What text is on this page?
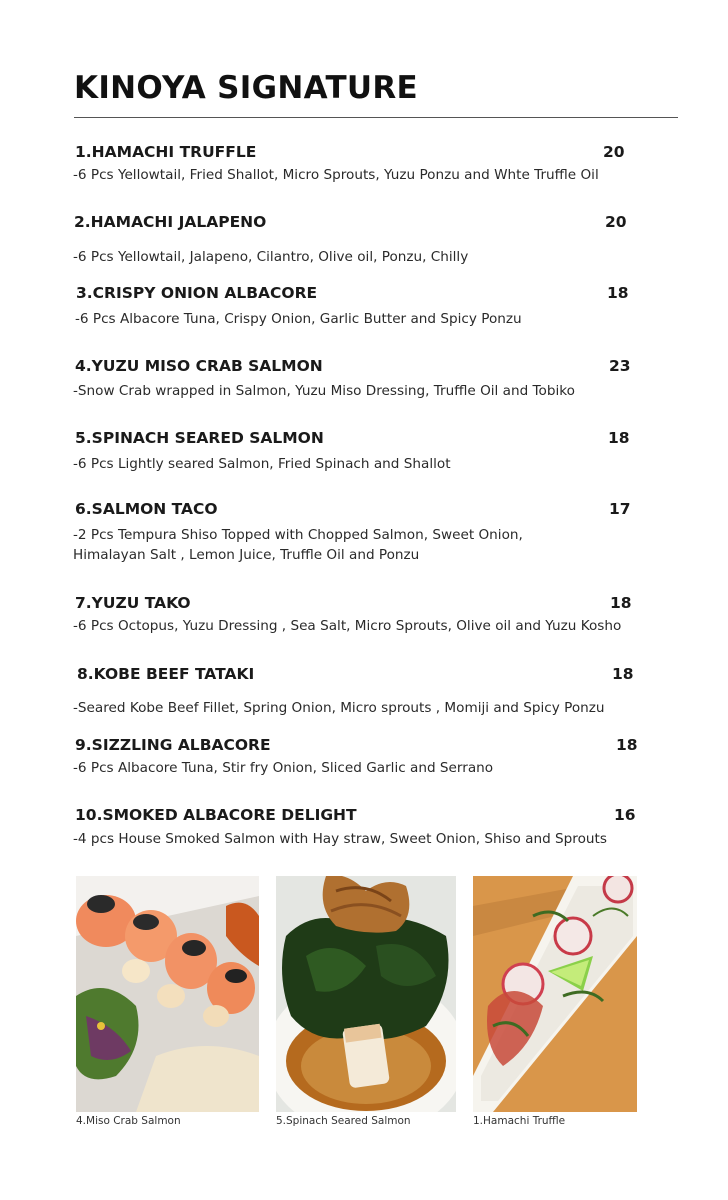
KINOYA SIGNATURE
1.HAMACHI TRUFFLE	20
-6 Pcs Yellowtail, Fried Shallot, Micro Sprouts, Yuzu Ponzu and Whte Truffle Oil
2.HAMACHI JALAPENO	20
-6 Pcs Yellowtail, Jalapeno, Cilantro, Olive oil, Ponzu, Chilly
3.CRISPY ONION ALBACORE	18
-6 Pcs Albacore Tuna, Crispy Onion, Garlic Butter and Spicy Ponzu
4.YUZU MISO CRAB SALMON	23
-Snow Crab wrapped in Salmon, Yuzu Miso Dressing, Truffle Oil and Tobiko
5.SPINACH SEARED SALMON	18
-6 Pcs Lightly seared Salmon, Fried Spinach and Shallot
6.SALMON TACO	17
-2 Pcs Tempura Shiso Topped with Chopped Salmon, Sweet Onion,
Himalayan Salt , Lemon Juice, Truffle Oil and Ponzu
7.YUZU TAKO	18
-6 Pcs Octopus, Yuzu Dressing , Sea Salt, Micro Sprouts, Olive oil and Yuzu Kosho
8.KOBE BEEF TATAKI	18
-Seared Kobe Beef Fillet, Spring Onion, Micro sprouts , Momiji and Spicy Ponzu
9.SIZZLING ALBACORE	18
-6 Pcs Albacore Tuna, Stir fry Onion, Sliced Garlic and Serrano
10.SMOKED ALBACORE DELIGHT	16
-4 pcs House Smoked Salmon with Hay straw, Sweet Onion, Shiso and Sprouts
4.Miso Crab Salmon	5.Spinach Seared Salmon	1.Hamachi Truffle
